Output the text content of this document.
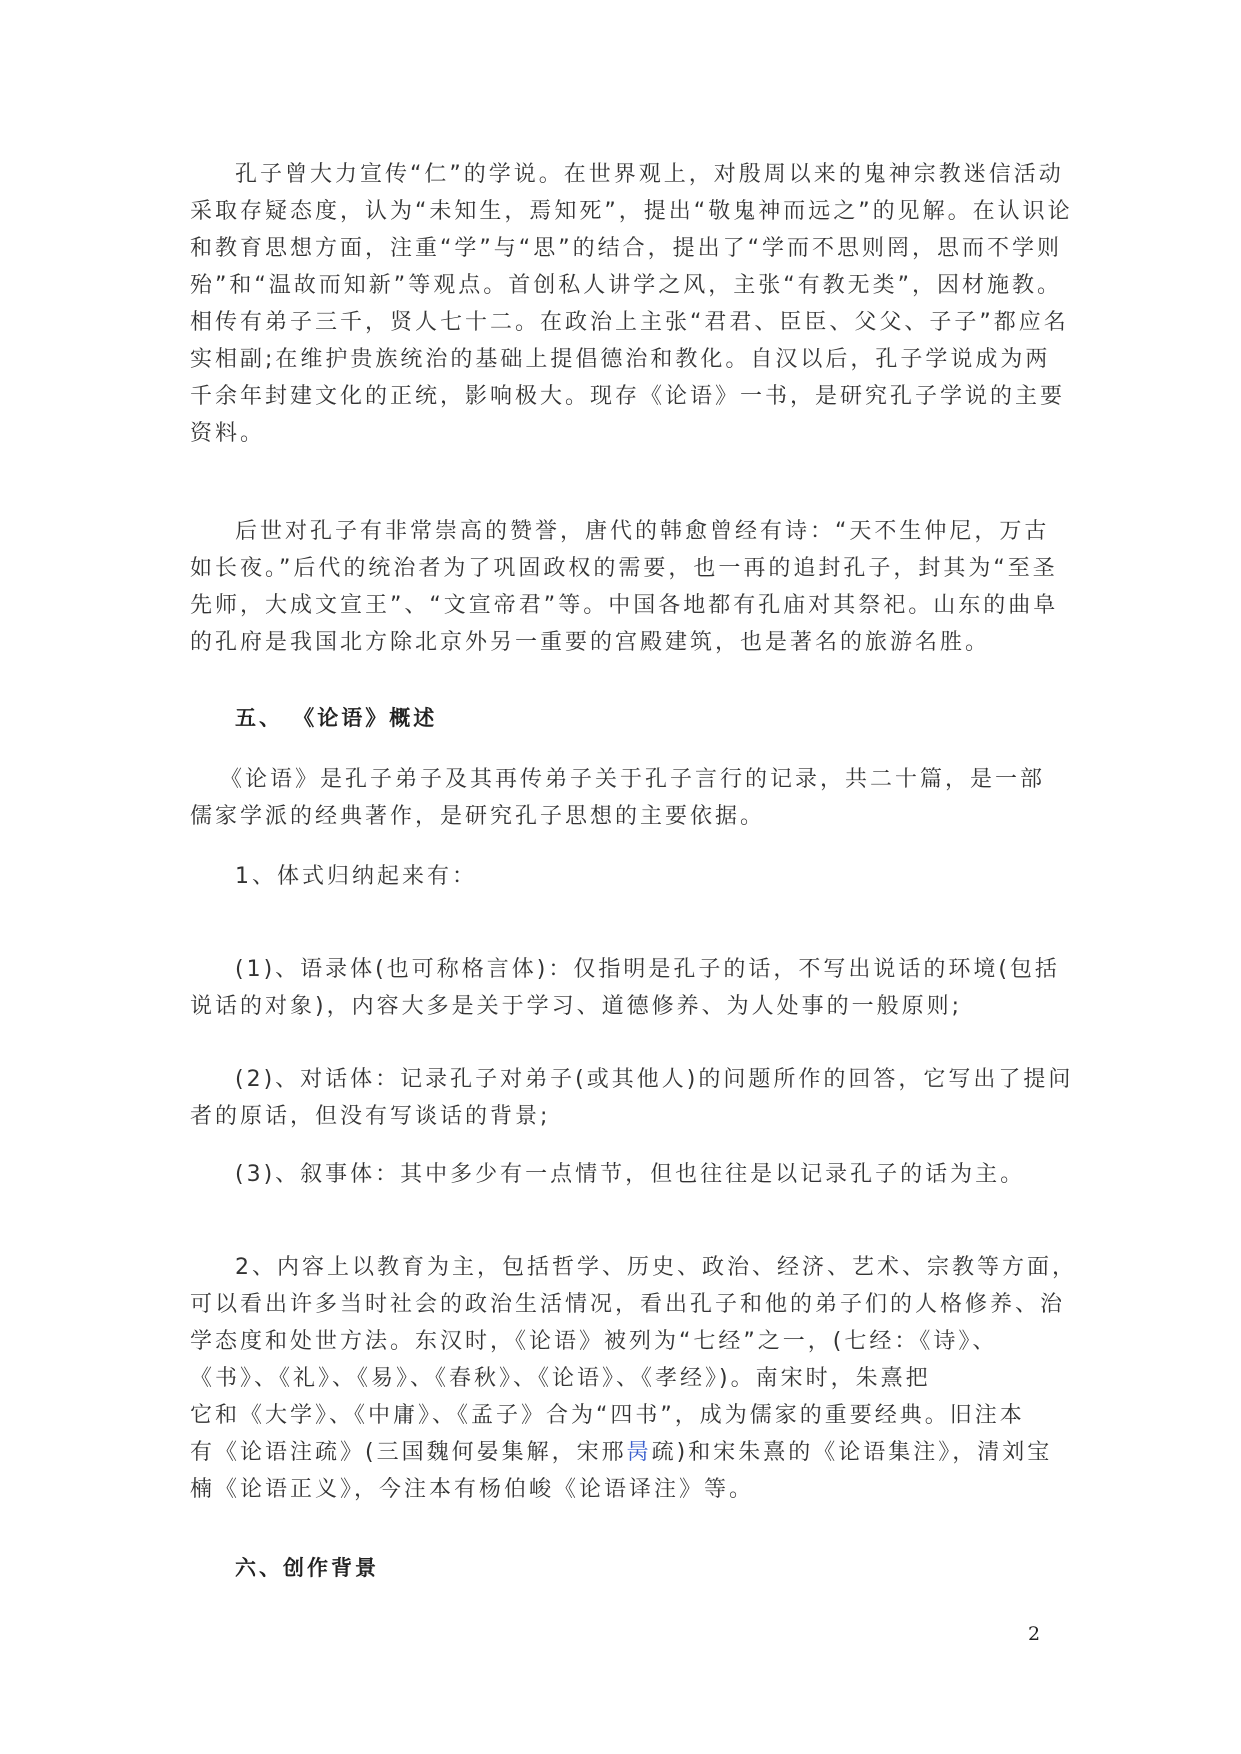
孔子曾大力宣传“仁”的学说。在世界观上，对殷周以来的鬼神宗教迷信活动
采取存疑态度，认为“未知生，焉知死”，提出“敬鬼神而远之”的见解。在认识论
和教育思想方面，注重“学”与“思”的结合，提出了“学而不思则罔，思而不学则
殆”和“温故而知新”等观点。首创私人讲学之风，主张“有教无类”，因材施教。
相传有弟子三千，贤人七十二。在政治上主张“君君、臣臣、父父、子子”都应名
实相副;在维护贵族统治的基础上提倡德治和教化。自汉以后，孔子学说成为两
千余年封建文化的正统，影响极大。现存《论语》一书，是研究孔子学说的主要
资料。
后世对孔子有非常崇高的赞誉，唐代的韩愈曾经有诗：“天不生仲尼，万古
如长夜。”后代的统治者为了巩固政权的需要，也一再的追封孔子，封其为“至圣
先师，大成文宣王”、“文宣帝君”等。中国各地都有孔庙对其祭祀。山东的曲阜
的孔府是我国北方除北京外另一重要的宫殿建筑，也是著名的旅游名胜。
五、 《论语》概述
《论语》是孔子弟子及其再传弟子关于孔子言行的记录，共二十篇，是一部
儒家学派的经典著作，是研究孔子思想的主要依据。
1、体式归纳起来有：
(1)、语录体(也可称格言体)：仅指明是孔子的话，不写出说话的环境(包括
说话的对象)，内容大多是关于学习、道德修养、为人处事的一般原则;
(2)、对话体：记录孔子对弟子(或其他人)的问题所作的回答，它写出了提问
者的原话，但没有写谈话的背景;
(3)、叙事体：其中多少有一点情节，但也往往是以记录孔子的话为主。
2、内容上以教育为主，包括哲学、历史、政治、经济、艺术、宗教等方面，
可以看出许多当时社会的政治生活情况，看出孔子和他的弟子们的人格修养、治
学态度和处世方法。东汉时，《论语》被列为“七经”之一，(七经：《诗》、
《书》、《礼》、《易》、《春秋》、《论语》、《孝经》)。南宋时，朱熹把
它和《大学》、《中庸》、《孟子》合为“四书”，成为儒家的重要经典。旧注本
有《论语注疏》(三国魏何晏集解，宋邢昺疏)和宋朱熹的《论语集注》，清刘宝
楠《论语正义》，今注本有杨伯峻《论语译注》等。
六、创作背景
2
